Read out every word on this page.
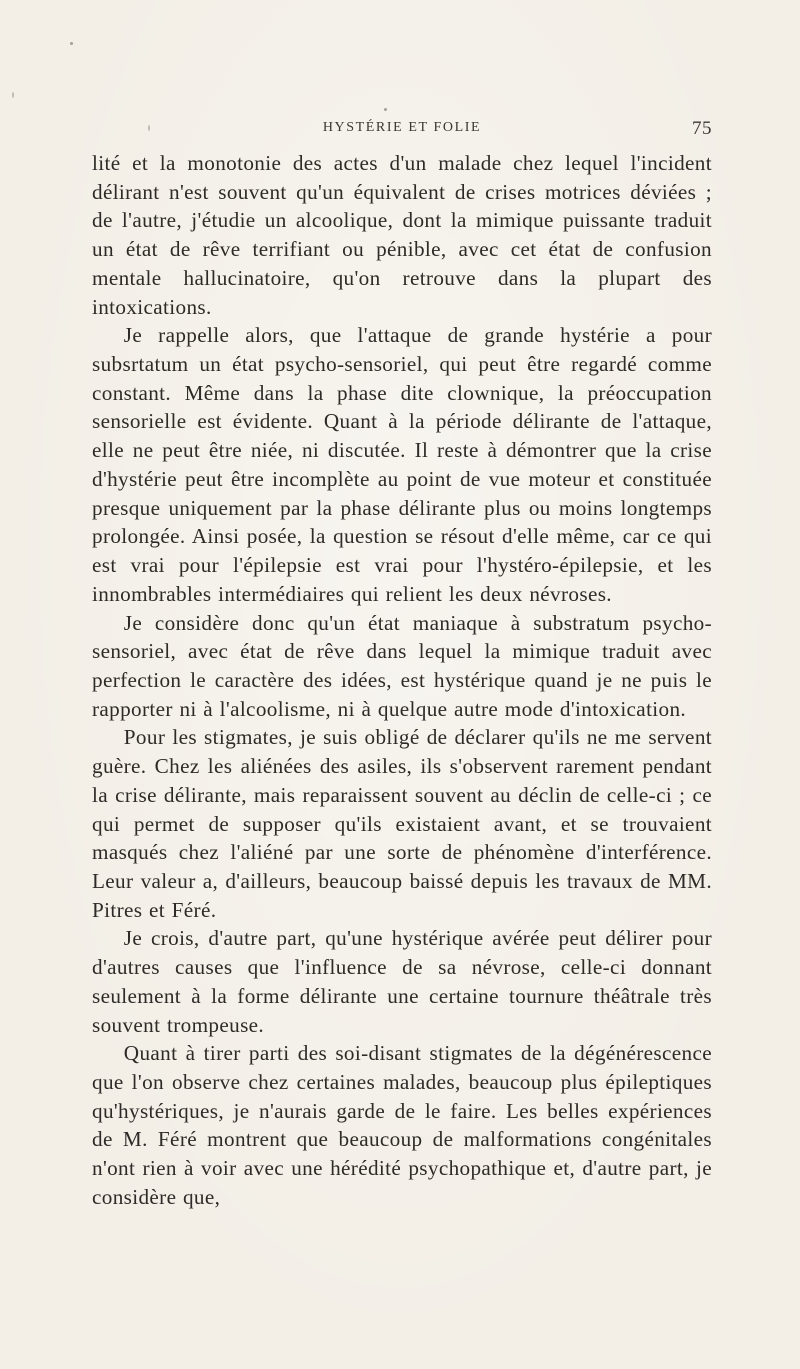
HYSTÉRIE ET FOLIE	75

lité et la monotonie des actes d'un malade chez lequel l'incident délirant n'est souvent qu'un équivalent de crises motrices déviées ; de l'autre, j'étudie un alcoolique, dont la mimique puissante traduit un état de rêve terrifiant ou pénible, avec cet état de confusion mentale hallucinatoire, qu'on retrouve dans la plupart des intoxications.

Je rappelle alors, que l'attaque de grande hystérie a pour subsrtatum un état psycho-sensoriel, qui peut être regardé comme constant. Même dans la phase dite clownique, la préoccupation sensorielle est évidente. Quant à la période délirante de l'attaque, elle ne peut être niée, ni discutée. Il reste à démontrer que la crise d'hystérie peut être incomplète au point de vue moteur et constituée presque uniquement par la phase délirante plus ou moins longtemps prolongée. Ainsi posée, la question se résout d'elle même, car ce qui est vrai pour l'épilepsie est vrai pour l'hystéro-épilepsie, et les innombrables intermédiaires qui relient les deux névroses.

Je considère donc qu'un état maniaque à substratum psycho-sensoriel, avec état de rêve dans lequel la mimique traduit avec perfection le caractère des idées, est hystérique quand je ne puis le rapporter ni à l'alcoolisme, ni à quelque autre mode d'intoxication.

Pour les stigmates, je suis obligé de déclarer qu'ils ne me servent guère. Chez les aliénées des asiles, ils s'observent rarement pendant la crise délirante, mais reparaissent souvent au déclin de celle-ci ; ce qui permet de supposer qu'ils existaient avant, et se trouvaient masqués chez l'aliéné par une sorte de phénomène d'interférence. Leur valeur a, d'ailleurs, beaucoup baissé depuis les travaux de MM. Pitres et Féré.

Je crois, d'autre part, qu'une hystérique avérée peut délirer pour d'autres causes que l'influence de sa névrose, celle-ci donnant seulement à la forme délirante une certaine tournure théâtrale très souvent trompeuse.

Quant à tirer parti des soi-disant stigmates de la dégénérescence que l'on observe chez certaines malades, beaucoup plus épileptiques qu'hystériques, je n'aurais garde de le faire. Les belles expériences de M. Féré montrent que beaucoup de malformations congénitales n'ont rien à voir avec une hérédité psychopathique et, d'autre part, je considère que,
